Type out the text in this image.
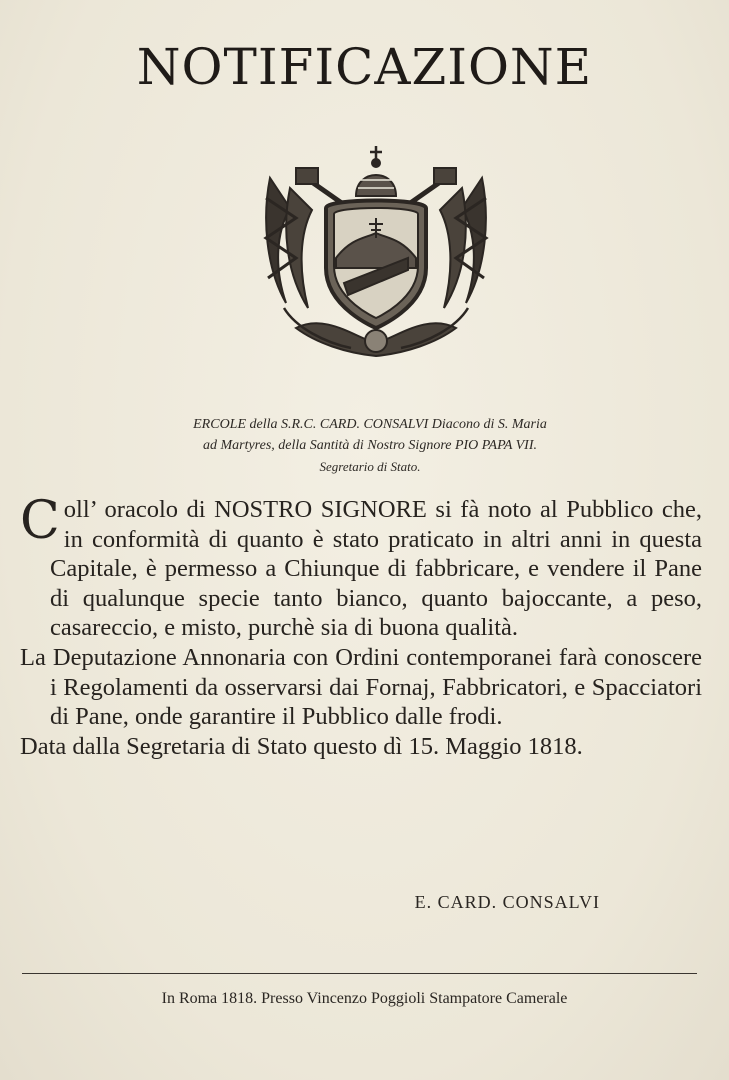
NOTIFICAZIONE
ERCOLE della S.R.C. CARD. CONSALVI Diacono di S. Maria
ad Martyres, della Santità di Nostro Signore PIO PAPA VII.
Segretario di Stato.

Coll’ oracolo di NOSTRO SIGNORE si fà noto al Pubblico che, in conformità di quanto è stato praticato in altri anni in questa Capitale, è permesso a Chiunque di fabbricare, e vendere il Pane di qualunque specie tanto bianco, quanto bajoccante, a peso, casareccio, e misto, purchè sia di buona qualità.

La Deputazione Annonaria con Ordini contemporanei farà conoscere i Regolamenti da osservarsi dai Fornaj, Fabbricatori, e Spacciatori di Pane, onde garantire il Pubblico dalle frodi.

Data dalla Segretaria di Stato questo dì 15. Maggio 1818.

E. CARD. CONSALVI
In Roma 1818. Presso Vincenzo Poggioli Stampatore Camerale
